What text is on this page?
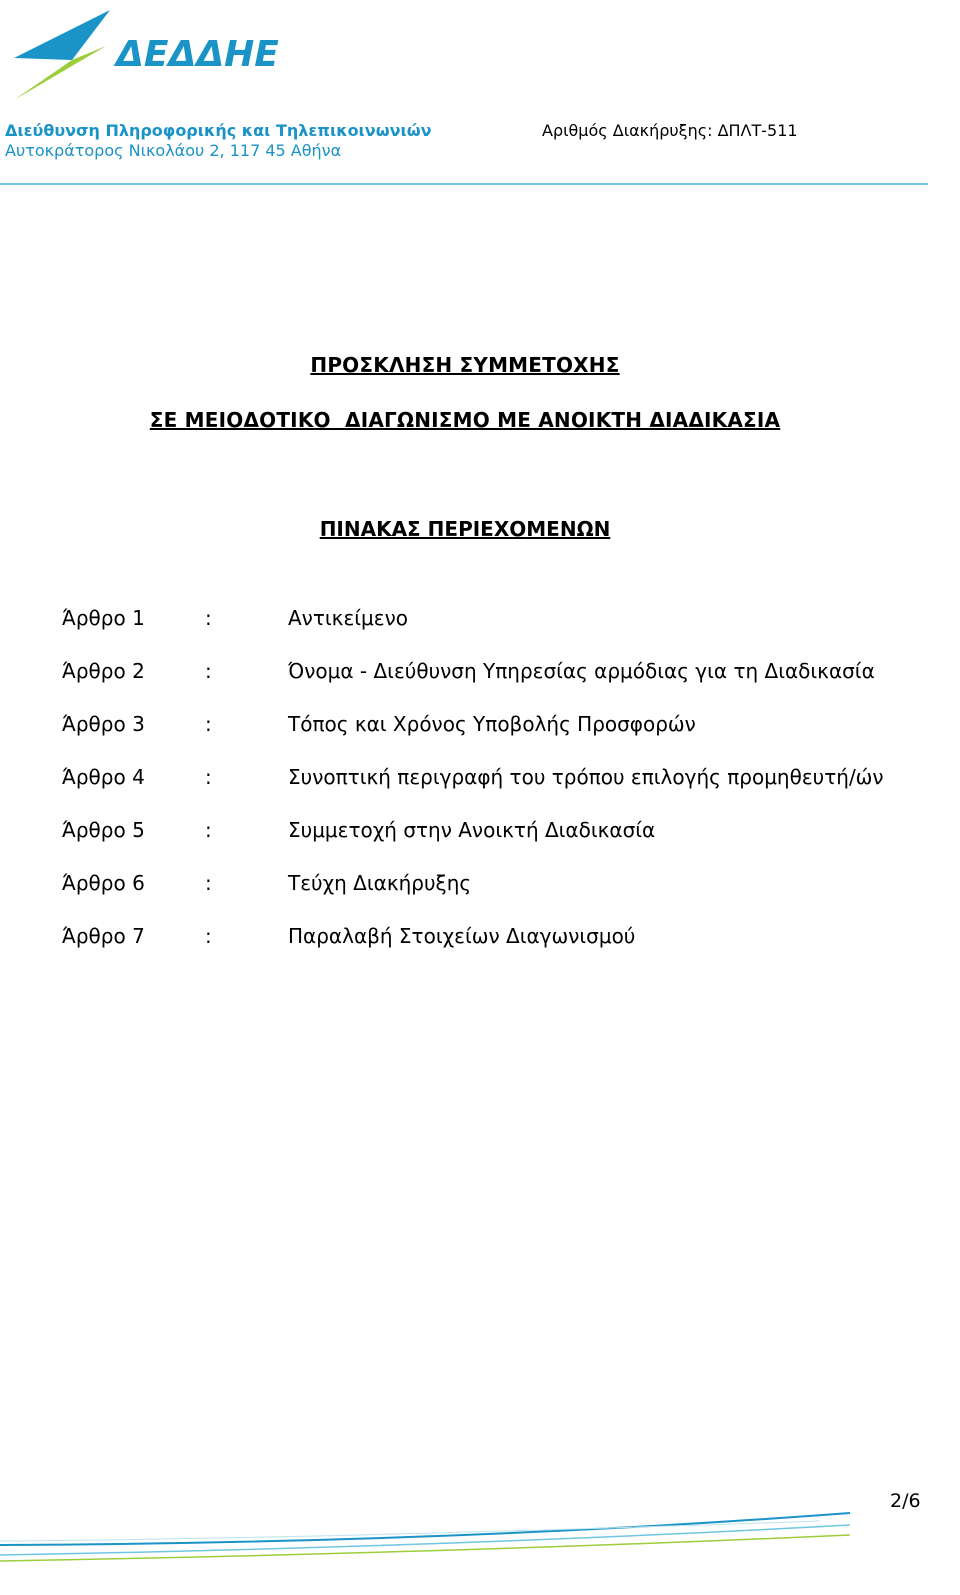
ΔΕΔΔΗΕ
Διεύθυνση Πληροφορικής και Τηλεπικοινωνιών
Αυτοκράτορος Νικολάου 2, 117 45 Αθήνα
Αριθμός Διακήρυξης: ΔΠΛΤ-511
ΠΡΟΣΚΛΗΣΗ ΣΥΜΜΕΤΟΧΗΣ
ΣΕ ΜΕΙΟΔΟΤΙΚΟ  ΔΙΑΓΩΝΙΣΜΟ ΜΕ ΑΝΟΙΚΤΗ ΔΙΑΔΙΚΑΣΙΑ
ΠΙΝΑΚΑΣ ΠΕΡΙΕΧΟΜΕΝΩΝ
Άρθρο 1	:	Αντικείμενο
Άρθρο 2	:	Όνομα - Διεύθυνση Υπηρεσίας αρμόδιας για τη Διαδικασία
Άρθρο 3	:	Τόπος και Χρόνος Υποβολής Προσφορών
Άρθρο 4	:	Συνοπτική περιγραφή του τρόπου επιλογής προμηθευτή/ών
Άρθρο 5	:	Συμμετοχή στην Ανοικτή Διαδικασία
Άρθρο 6	:	Τεύχη Διακήρυξης
Άρθρο 7	:	Παραλαβή Στοιχείων Διαγωνισμού
2/6
